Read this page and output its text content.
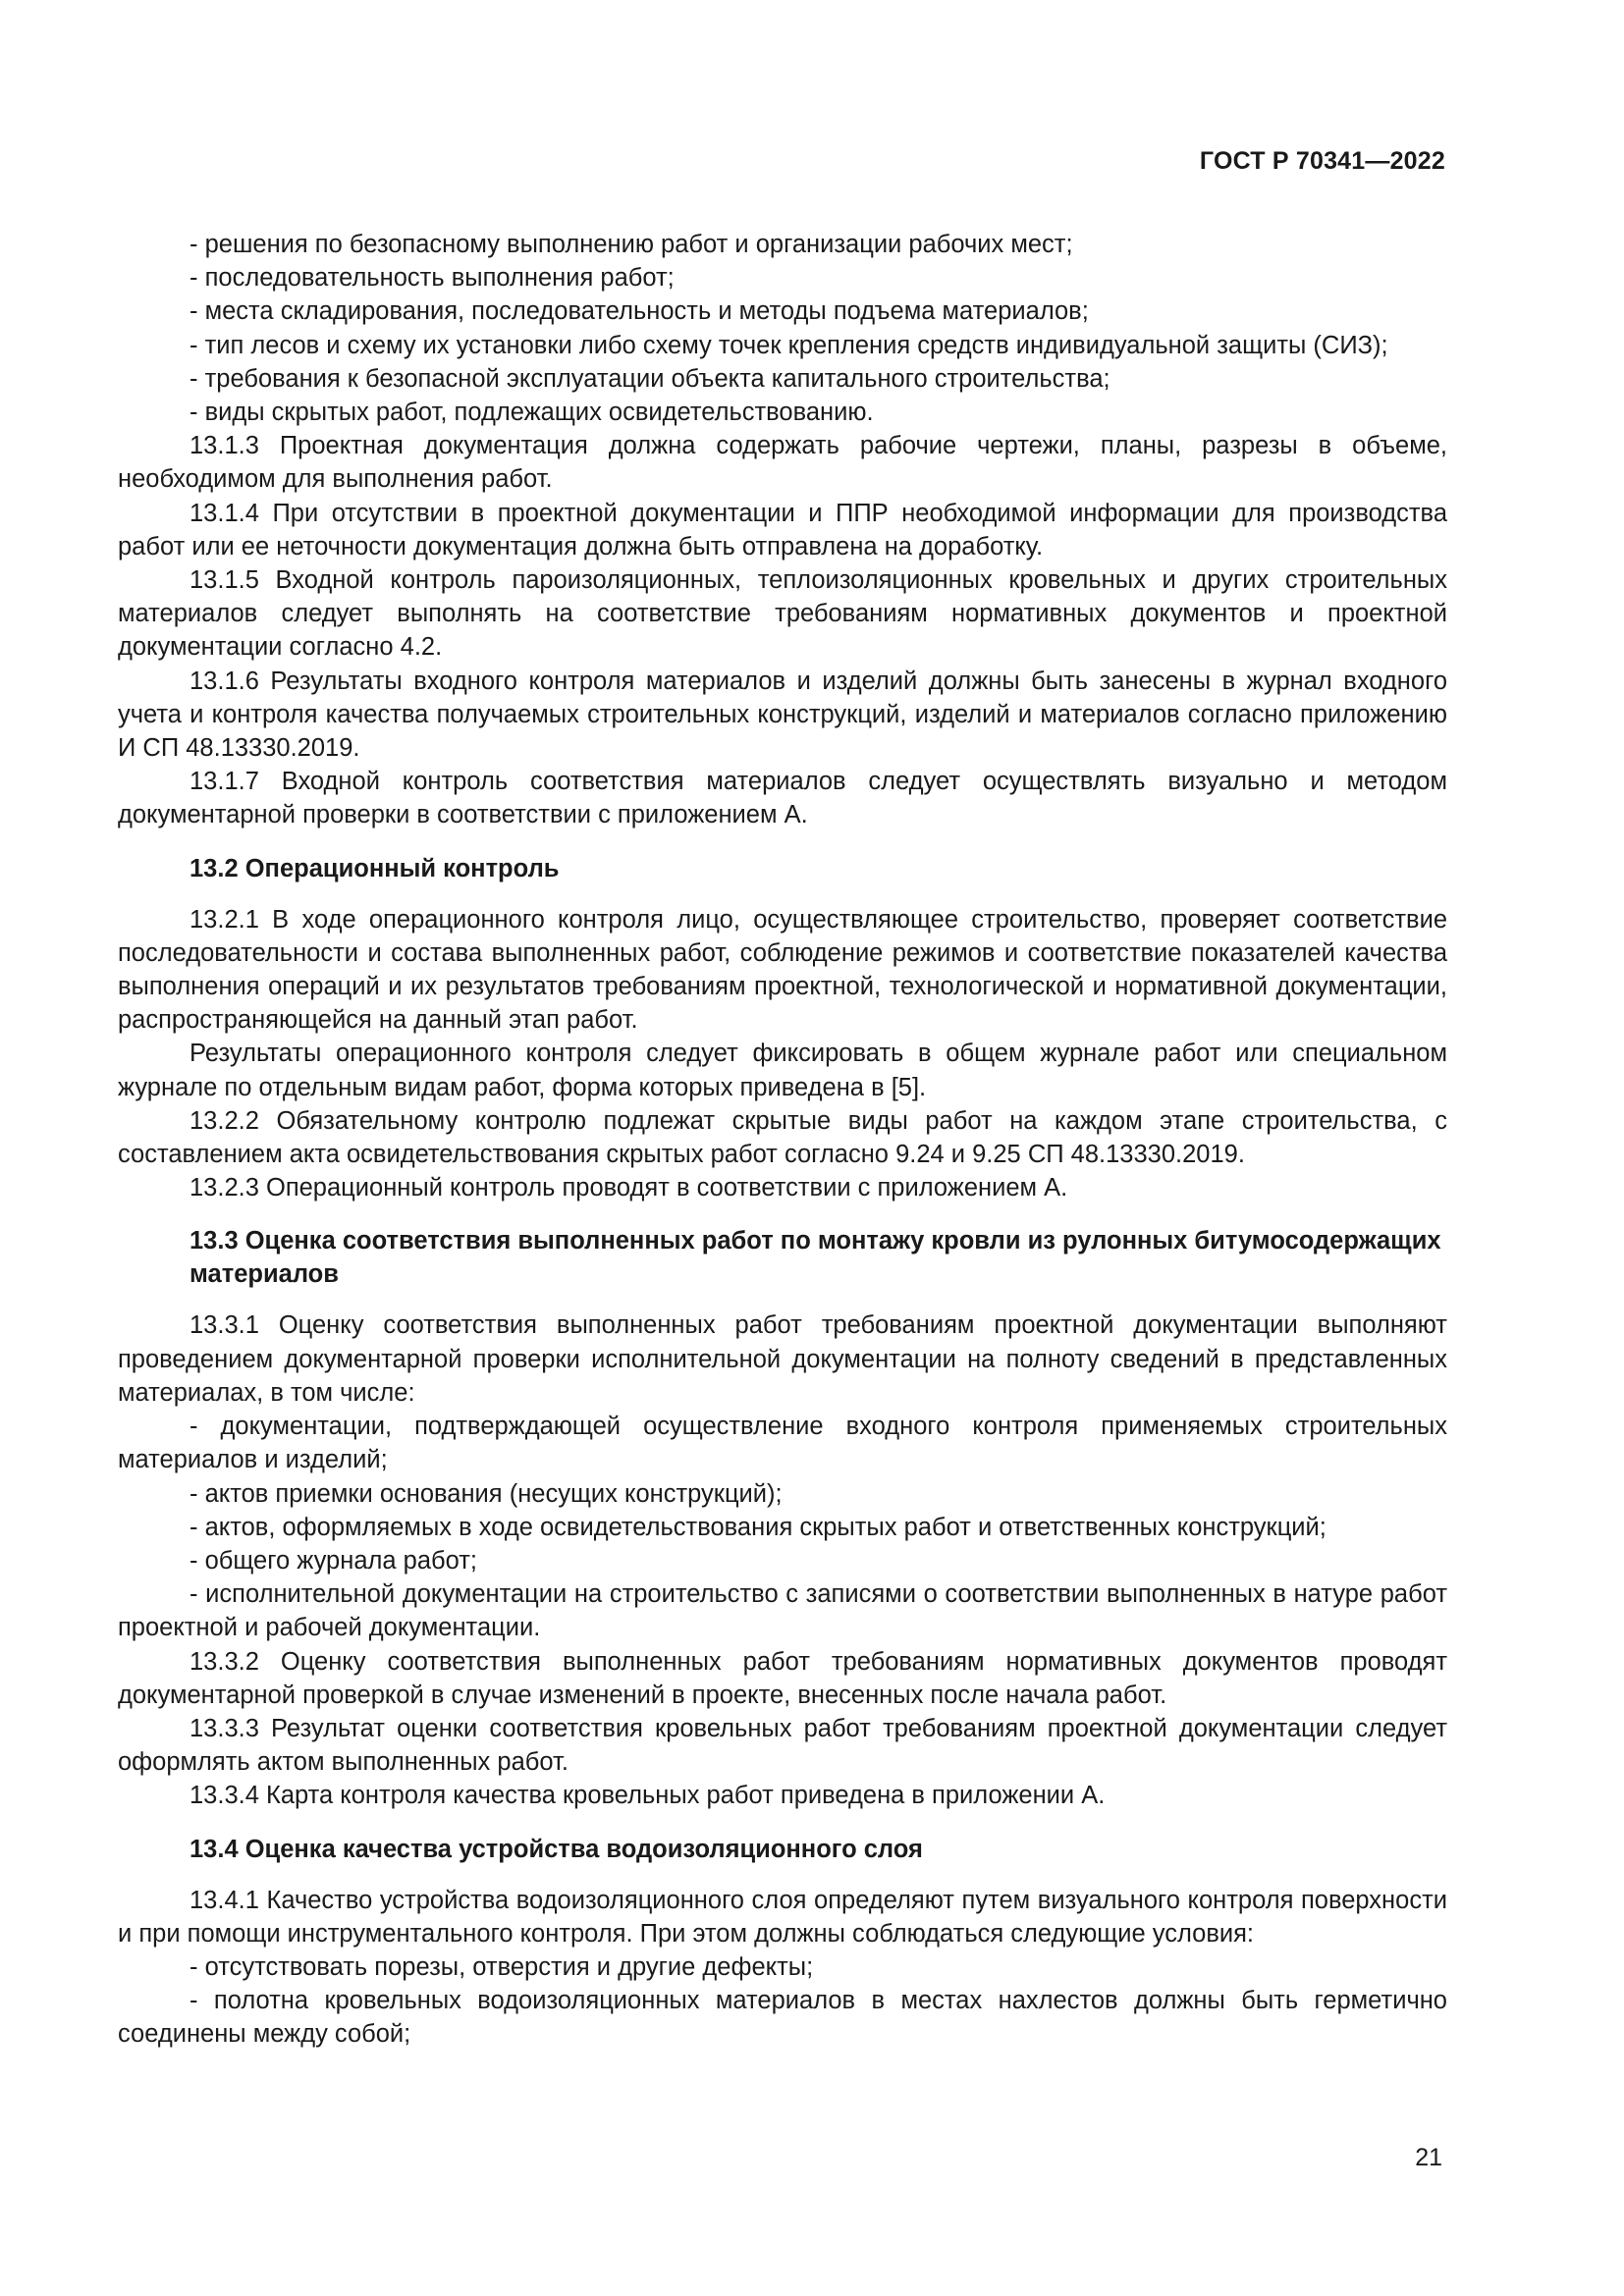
ГОСТ Р 70341—2022

- решения по безопасному выполнению работ и организации рабочих мест;

- последовательность выполнения работ;

- места складирования, последовательность и методы подъема материалов;

- тип лесов и схему их установки либо схему точек крепления средств индивидуальной защиты (СИЗ);

- требования к безопасной эксплуатации объекта капитального строительства;

- виды скрытых работ, подлежащих освидетельствованию.

13.1.3 Проектная документация должна содержать рабочие чертежи, планы, разрезы в объеме, необходимом для выполнения работ.

13.1.4 При отсутствии в проектной документации и ППР необходимой информации для производства работ или ее неточности документация должна быть отправлена на доработку.

13.1.5 Входной контроль пароизоляционных, теплоизоляционных кровельных и других строительных материалов следует выполнять на соответствие требованиям нормативных документов и проектной документации согласно 4.2.

13.1.6 Результаты входного контроля материалов и изделий должны быть занесены в журнал входного учета и контроля качества получаемых строительных конструкций, изделий и материалов согласно приложению И СП 48.13330.2019.

13.1.7 Входной контроль соответствия материалов следует осуществлять визуально и методом документарной проверки в соответствии с приложением А.

13.2 Операционный контроль

13.2.1 В ходе операционного контроля лицо, осуществляющее строительство, проверяет соответствие последовательности и состава выполненных работ, соблюдение режимов и соответствие показателей качества выполнения операций и их результатов требованиям проектной, технологической и нормативной документации, распространяющейся на данный этап работ.

Результаты операционного контроля следует фиксировать в общем журнале работ или специальном журнале по отдельным видам работ, форма которых приведена в [5].

13.2.2 Обязательному контролю подлежат скрытые виды работ на каждом этапе строительства, с составлением акта освидетельствования скрытых работ согласно 9.24 и 9.25 СП 48.13330.2019.

13.2.3 Операционный контроль проводят в соответствии с приложением А.

13.3 Оценка соответствия выполненных работ по монтажу кровли из рулонных битумосодержащих материалов

13.3.1 Оценку соответствия выполненных работ требованиям проектной документации выполняют проведением документарной проверки исполнительной документации на полноту сведений в представленных материалах, в том числе:

- документации, подтверждающей осуществление входного контроля применяемых строительных материалов и изделий;

- актов приемки основания (несущих конструкций);

- актов, оформляемых в ходе освидетельствования скрытых работ и ответственных конструкций;

- общего журнала работ;

- исполнительной документации на строительство с записями о соответствии выполненных в натуре работ проектной и рабочей документации.

13.3.2 Оценку соответствия выполненных работ требованиям нормативных документов проводят документарной проверкой в случае изменений в проекте, внесенных после начала работ.

13.3.3 Результат оценки соответствия кровельных работ требованиям проектной документации следует оформлять актом выполненных работ.

13.3.4 Карта контроля качества кровельных работ приведена в приложении А.

13.4 Оценка качества устройства водоизоляционного слоя

13.4.1 Качество устройства водоизоляционного слоя определяют путем визуального контроля поверхности и при помощи инструментального контроля. При этом должны соблюдаться следующие условия:

- отсутствовать порезы, отверстия и другие дефекты;

- полотна кровельных водоизоляционных материалов в местах нахлестов должны быть герметично соединены между собой;

21
